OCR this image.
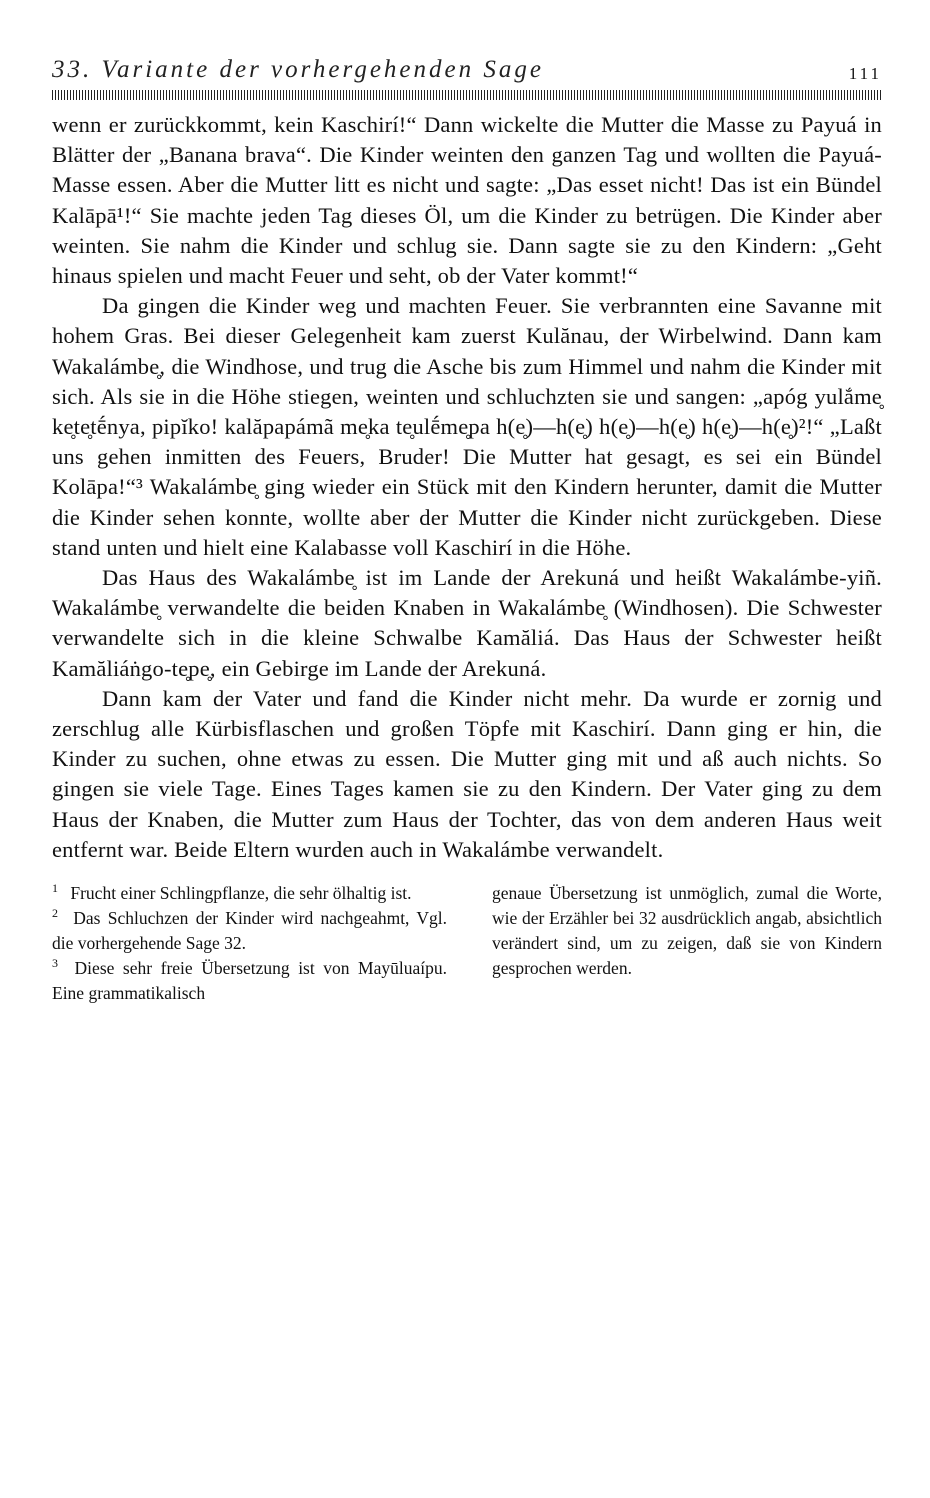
33. Variante der vorhergehenden Sage	111

wenn er zurückkommt, kein Kaschirí!“ Dann wickelte die Mutter die Masse zu Payuá in Blätter der „Banana brava“. Die Kinder weinten den ganzen Tag und wollten die Payuá-Masse essen. Aber die Mutter litt es nicht und sagte: „Das esset nicht! Das ist ein Bündel Kalāpā¹!“ Sie machte jeden Tag dieses Öl, um die Kinder zu betrügen. Die Kinder aber weinten. Sie nahm die Kinder und schlug sie. Dann sagte sie zu den Kindern: „Geht hinaus spielen und macht Feuer und seht, ob der Vater kommt!“

Da gingen die Kinder weg und machten Feuer. Sie verbrannten eine Savanne mit hohem Gras. Bei dieser Gelegenheit kam zuerst Kulănau, der Wirbelwind. Dann kam Wakalámbe̥, die Windhose, und trug die Asche bis zum Himmel und nahm die Kinder mit sich. Als sie in die Höhe stiegen, weinten und schluchzten sie und sangen: „apóg yulắme̥ ke̥te̥tḗnya, pipĭko! kalăpapámã me̥ka te̥ulḗme̥pa h(e̥)—h(e̥) h(e̥)—h(e̥) h(e̥)—h(e̥)²!“ „Laßt uns gehen inmitten des Feuers, Bruder! Die Mutter hat gesagt, es sei ein Bündel Kolāpa!“³ Wakalámbe̥ ging wieder ein Stück mit den Kindern herunter, damit die Mutter die Kinder sehen konnte, wollte aber der Mutter die Kinder nicht zurückgeben. Diese stand unten und hielt eine Kalabasse voll Kaschirí in die Höhe.

Das Haus des Wakalámbe̥ ist im Lande der Arekuná und heißt Wakalámbe-yiñ. Wakalámbe̥ verwandelte die beiden Knaben in Wakalámbe̥ (Windhosen). Die Schwester verwandelte sich in die kleine Schwalbe Kamăliá. Das Haus der Schwester heißt Kamăliáṅgo-te̥pe̥, ein Gebirge im Lande der Arekuná.

Dann kam der Vater und fand die Kinder nicht mehr. Da wurde er zornig und zerschlug alle Kürbisflaschen und großen Töpfe mit Kaschirí. Dann ging er hin, die Kinder zu suchen, ohne etwas zu essen. Die Mutter ging mit und aß auch nichts. So gingen sie viele Tage. Eines Tages kamen sie zu den Kindern. Der Vater ging zu dem Haus der Knaben, die Mutter zum Haus der Tochter, das von dem anderen Haus weit entfernt war. Beide Eltern wurden auch in Wakalámbe verwandelt.

1 Frucht einer Schlingpflanze, die sehr ölhaltig ist.
2 Das Schluchzen der Kinder wird nachgeahmt, Vgl. die vorhergehende Sage 32.
3 Diese sehr freie Übersetzung ist von Mayūluaípu. Eine grammatikalisch
genaue Übersetzung ist unmöglich, zumal die Worte, wie der Erzähler bei 32 ausdrücklich angab, absichtlich verändert sind, um zu zeigen, daß sie von Kindern gesprochen werden.
